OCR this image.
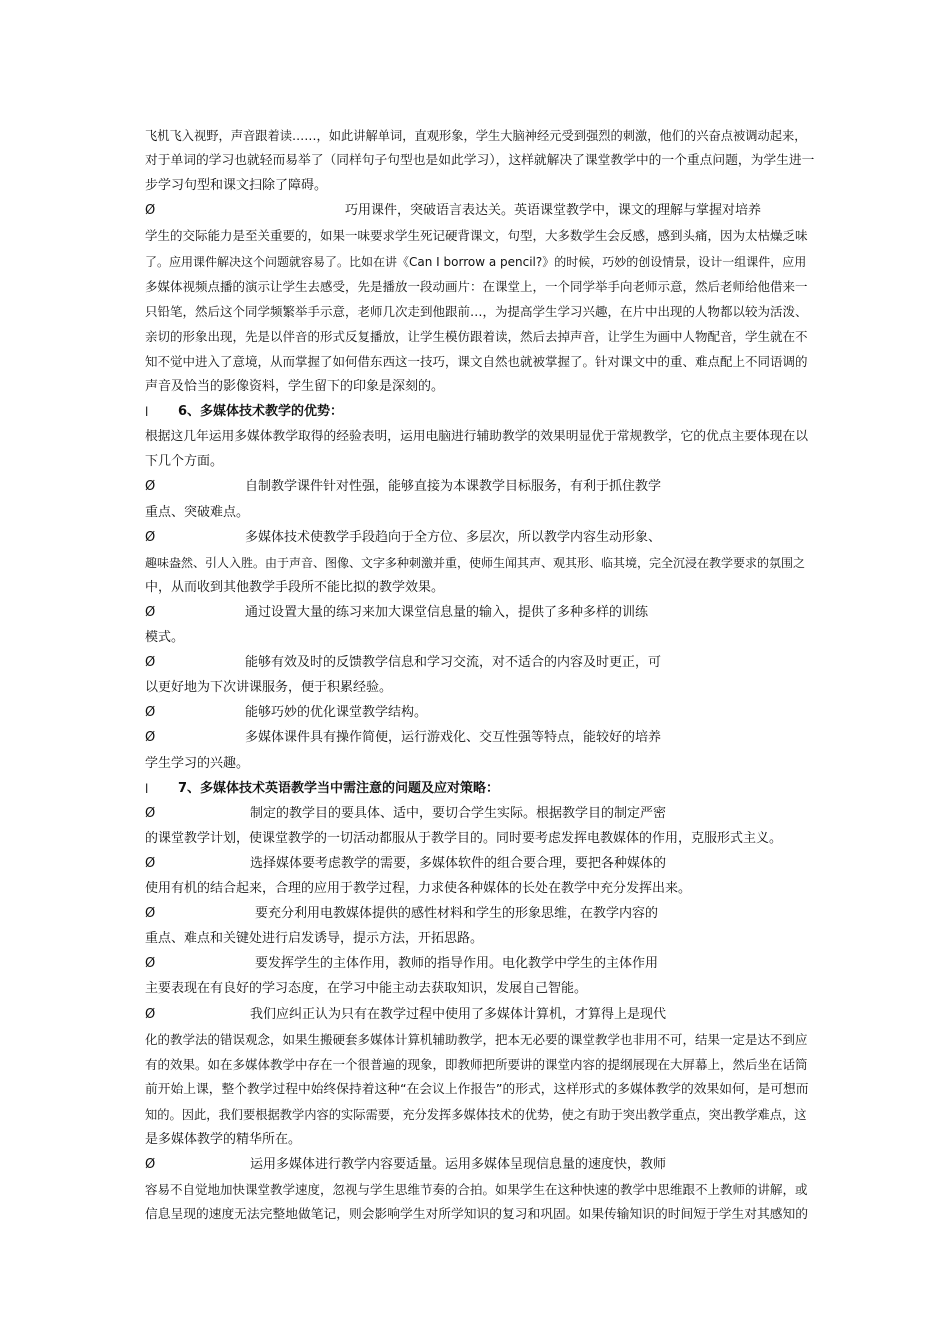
飞机飞入视野，声音跟着读……，如此讲解单词，直观形象，学生大脑神经元受到强烈的刺激，他们的兴奋点被调动起来，
对于单词的学习也就轻而易举了（同样句子句型也是如此学习），这样就解决了课堂教学中的一个重点问题，为学生进一
步学习句型和课文扫除了障碍。
Ø	巧用课件，突破语言表达关。英语课堂教学中，课文的理解与掌握对培养
学生的交际能力是至关重要的，如果一味要求学生死记硬背课文，句型，大多数学生会反感，感到头痛，因为太枯燥乏味
了。应用课件解决这个问题就容易了。比如在讲《Can I borrow a pencil?》的时候，巧妙的创设情景，设计一组课件，应用
多媒体视频点播的演示让学生去感受，先是播放一段动画片：在课堂上，一个同学举手向老师示意，然后老师给他借来一
只铅笔，然后这个同学频繁举手示意，老师几次走到他跟前…，为提高学生学习兴趣，在片中出现的人物都以较为活泼、
亲切的形象出现，先是以伴音的形式反复播放，让学生模仿跟着读，然后去掉声音，让学生为画中人物配音，学生就在不
知不觉中进入了意境，从而掌握了如何借东西这一技巧，课文自然也就被掌握了。针对课文中的重、难点配上不同语调的
声音及恰当的影像资料，学生留下的印象是深刻的。
l 6、多媒体技术教学的优势：
根据这几年运用多媒体教学取得的经验表明，运用电脑进行辅助教学的效果明显优于常规教学，它的优点主要体现在以
下几个方面。
Ø	自制教学课件针对性强，能够直接为本课教学目标服务，有利于抓住教学
重点、突破难点。
Ø	多媒体技术使教学手段趋向于全方位、多层次，所以教学内容生动形象、
趣味盎然、引人入胜。由于声音、图像、文字多种刺激并重，使师生闻其声、观其形、临其境，完全沉浸在教学要求的氛围之
中，从而收到其他教学手段所不能比拟的教学效果。
Ø	通过设置大量的练习来加大课堂信息量的输入，提供了多种多样的训练
模式。
Ø	能够有效及时的反馈教学信息和学习交流，对不适合的内容及时更正，可
以更好地为下次讲课服务，便于积累经验。
Ø	能够巧妙的优化课堂教学结构。
Ø	多媒体课件具有操作简便，运行游戏化、交互性强等特点，能较好的培养
学生学习的兴趣。
l 7、多媒体技术英语教学当中需注意的问题及应对策略：
Ø	制定的教学目的要具体、适中，要切合学生实际。根据教学目的制定严密
的课堂教学计划，使课堂教学的一切活动都服从于教学目的。同时要考虑发挥电教媒体的作用，克服形式主义。
Ø	选择媒体要考虑教学的需要，多媒体软件的组合要合理，要把各种媒体的
使用有机的结合起来，合理的应用于教学过程，力求使各种媒体的长处在教学中充分发挥出来。
Ø	要充分利用电教媒体提供的感性材料和学生的形象思维，在教学内容的
重点、难点和关键处进行启发诱导，提示方法，开拓思路。
Ø	要发挥学生的主体作用，教师的指导作用。电化教学中学生的主体作用
主要表现在有良好的学习态度，在学习中能主动去获取知识，发展自己智能。
Ø	我们应纠正认为只有在教学过程中使用了多媒体计算机，才算得上是现代
化的教学法的错误观念，如果生搬硬套多媒体计算机辅助教学，把本无必要的课堂教学也非用不可，结果一定是达不到应
有的效果。如在多媒体教学中存在一个很普遍的现象，即教师把所要讲的课堂内容的提纲展现在大屏幕上，然后坐在话筒
前开始上课，整个教学过程中始终保持着这种“在会议上作报告”的形式，这样形式的多媒体教学的效果如何，是可想而
知的。因此，我们要根据教学内容的实际需要，充分发挥多媒体技术的优势，使之有助于突出教学重点，突出教学难点，这
是多媒体教学的精华所在。
Ø	运用多媒体进行教学内容要适量。运用多媒体呈现信息量的速度快，教师
容易不自觉地加快课堂教学速度，忽视与学生思维节奏的合拍。如果学生在这种快速的教学中思维跟不上教师的讲解，或
信息呈现的速度无法完整地做笔记，则会影响学生对所学知识的复习和巩固。如果传输知识的时间短于学生对其感知的
